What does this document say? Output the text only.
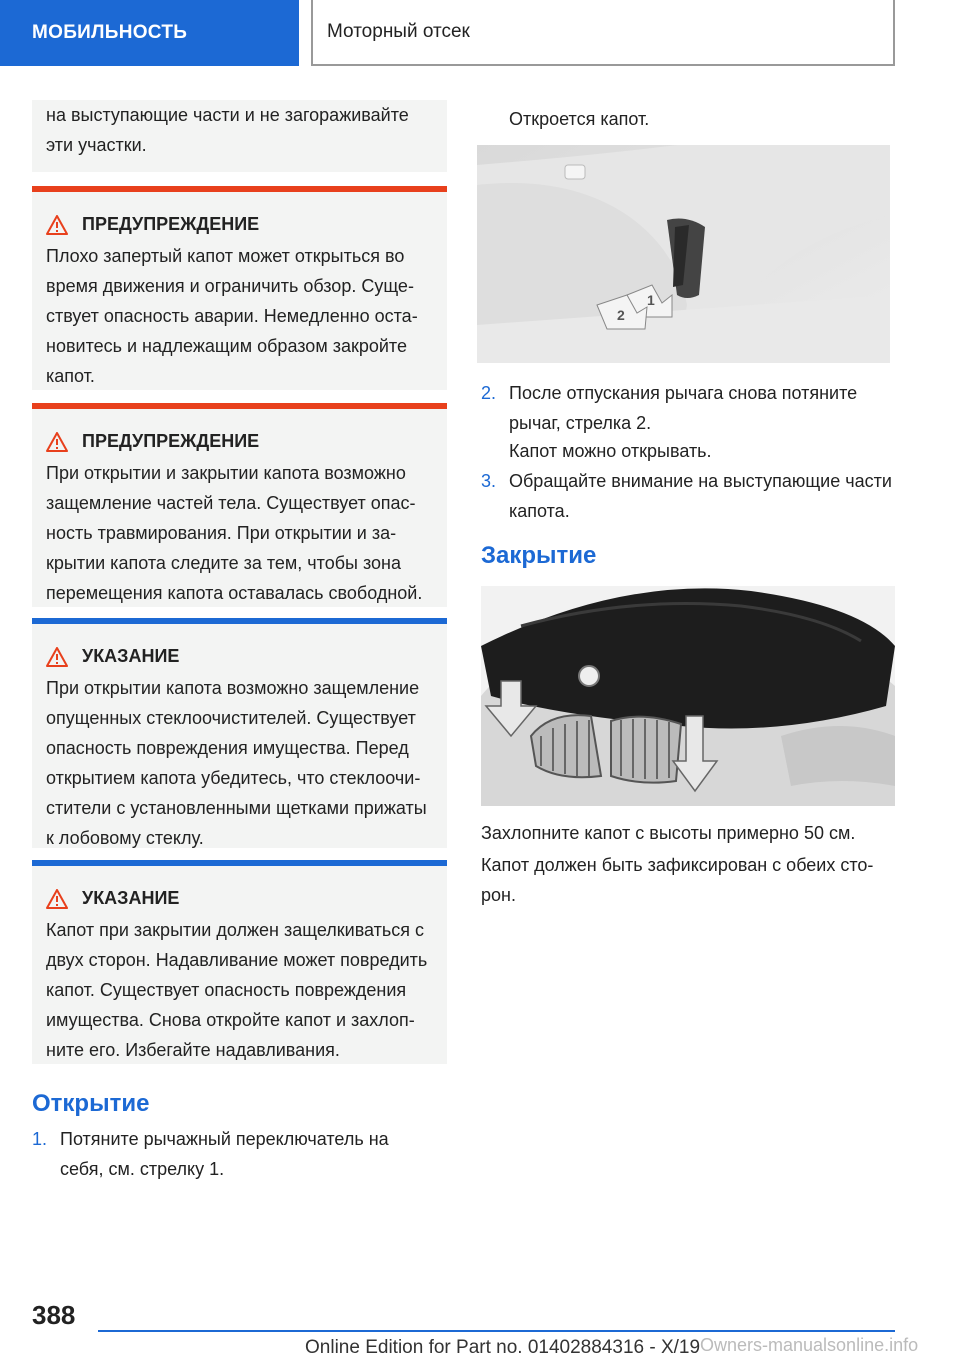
МОБИЛЬНОСТЬ	Моторный отсек
на выступающие части и не загораживайте эти участки.
ПРЕДУПРЕЖДЕНИЕ
Плохо запертый капот может открыться во время движения и ограничить обзор. Существует опасность аварии. Немедленно остановитесь и надлежащим образом закройте капот.
ПРЕДУПРЕЖДЕНИЕ
При открытии и закрытии капота возможно защемление частей тела. Существует опасность травмирования. При открытии и закрытии капота следите за тем, чтобы зона перемещения капота оставалась свободной.
УКАЗАНИЕ
При открытии капота возможно защемление опущенных стеклоочистителей. Существует опасность повреждения имущества. Перед открытием капота убедитесь, что стеклоочистители с установленными щетками прижаты к лобовому стеклу.
УКАЗАНИЕ
Капот при закрытии должен защелкиваться с двух сторон. Надавливание может повредить капот. Существует опасность повреждения имущества. Снова откройте капот и захлопните его. Избегайте надавливания.
Открытие
1. Потяните рычажный переключатель на себя, см. стрелку 1.
Откроется капот.
1
2
2. После отпускания рычага снова потяните рычаг, стрелка 2.
Капот можно открывать.
3. Обращайте внимание на выступающие части капота.
Закрытие
Захлопните капот с высоты примерно 50 см.
Капот должен быть зафиксирован с обеих сторон.
388
Online Edition for Part no. 01402884316 - X/19 Owners-manualsonline.info
